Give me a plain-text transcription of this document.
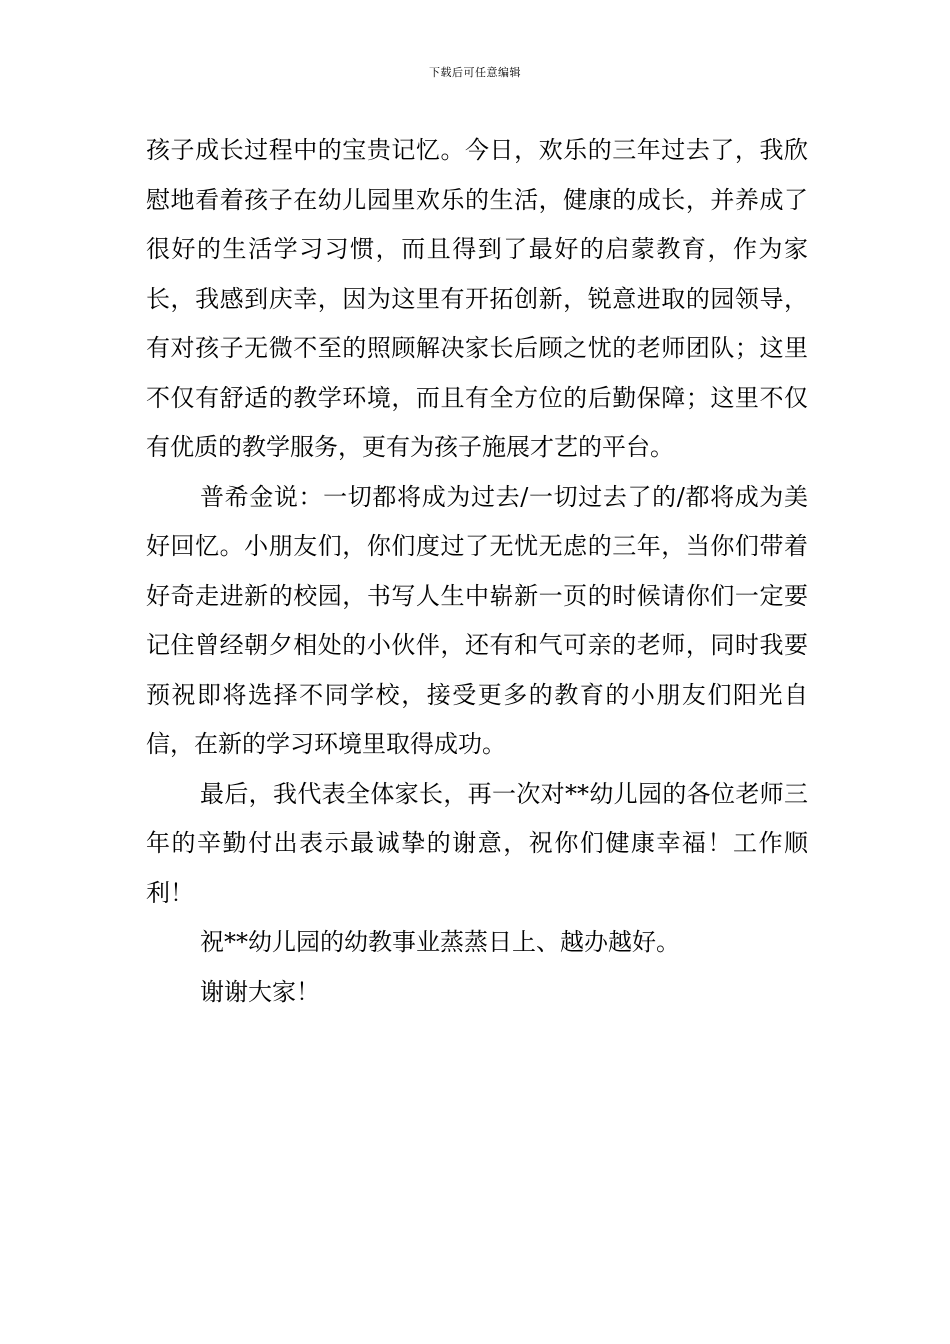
下载后可任意编辑

孩子成长过程中的宝贵记忆。今日，欢乐的三年过去了，我欣慰地看着孩子在幼儿园里欢乐的生活，健康的成长，并养成了很好的生活学习习惯，而且得到了最好的启蒙教育，作为家长，我感到庆幸，因为这里有开拓创新，锐意进取的园领导，有对孩子无微不至的照顾解决家长后顾之忧的老师团队；这里不仅有舒适的教学环境，而且有全方位的后勤保障；这里不仅有优质的教学服务，更有为孩子施展才艺的平台。

普希金说：一切都将成为过去/一切过去了的/都将成为美好回忆。小朋友们，你们度过了无忧无虑的三年，当你们带着好奇走进新的校园，书写人生中崭新一页的时候请你们一定要记住曾经朝夕相处的小伙伴，还有和气可亲的老师，同时我要预祝即将选择不同学校，接受更多的教育的小朋友们阳光自信，在新的学习环境里取得成功。

最后，我代表全体家长，再一次对**幼儿园的各位老师三年的辛勤付出表示最诚挚的谢意，祝你们健康幸福！工作顺利！

祝**幼儿园的幼教事业蒸蒸日上、越办越好。

谢谢大家！
